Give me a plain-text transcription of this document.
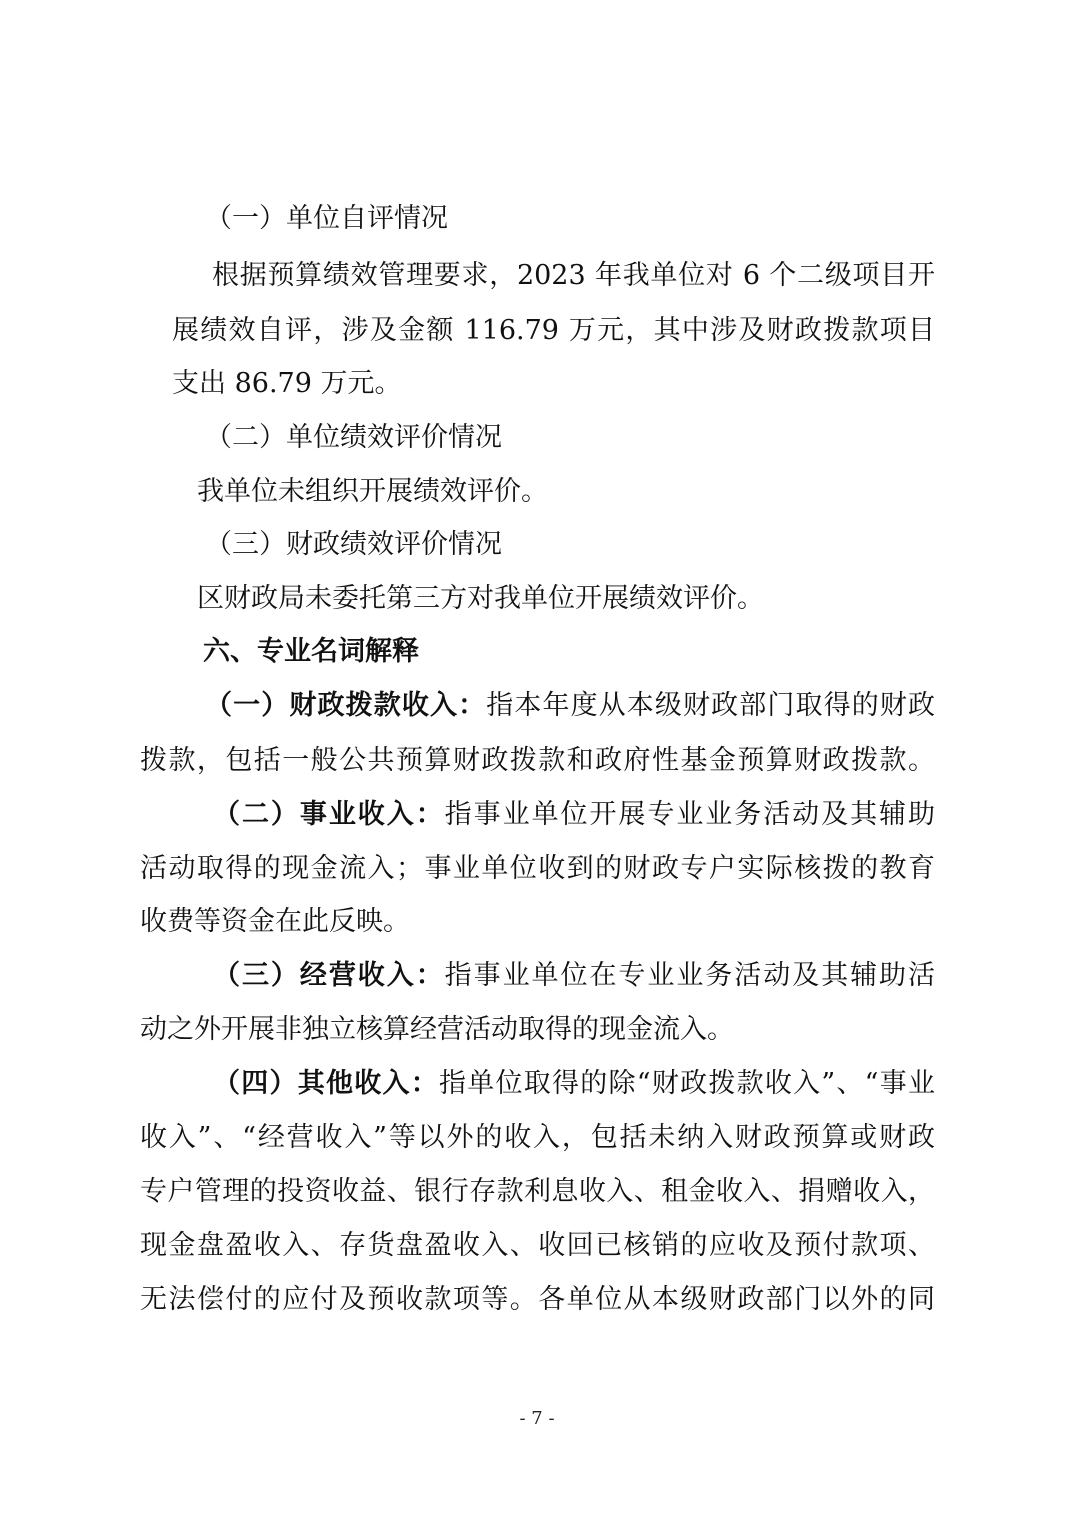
（一）单位自评情况
根据预算绩效管理要求，2023 年我单位对 6 个二级项目开
展绩效自评，涉及金额 116.79 万元，其中涉及财政拨款项目
支出 86.79 万元。
（二）单位绩效评价情况
我单位未组织开展绩效评价。
（三）财政绩效评价情况
区财政局未委托第三方对我单位开展绩效评价。
六、专业名词解释
（一）财政拨款收入：指本年度从本级财政部门取得的财政
拨款，包括一般公共预算财政拨款和政府性基金预算财政拨款。
（二）事业收入：指事业单位开展专业业务活动及其辅助
活动取得的现金流入；事业单位收到的财政专户实际核拨的教育
收费等资金在此反映。
（三）经营收入：指事业单位在专业业务活动及其辅助活
动之外开展非独立核算经营活动取得的现金流入。
（四）其他收入：指单位取得的除“财政拨款收入”、“事业
收入”、“经营收入”等以外的收入，包括未纳入财政预算或财政
专户管理的投资收益、银行存款利息收入、租金收入、捐赠收入，
现金盘盈收入、存货盘盈收入、收回已核销的应收及预付款项、
无法偿付的应付及预收款项等。各单位从本级财政部门以外的同
- 7 -
